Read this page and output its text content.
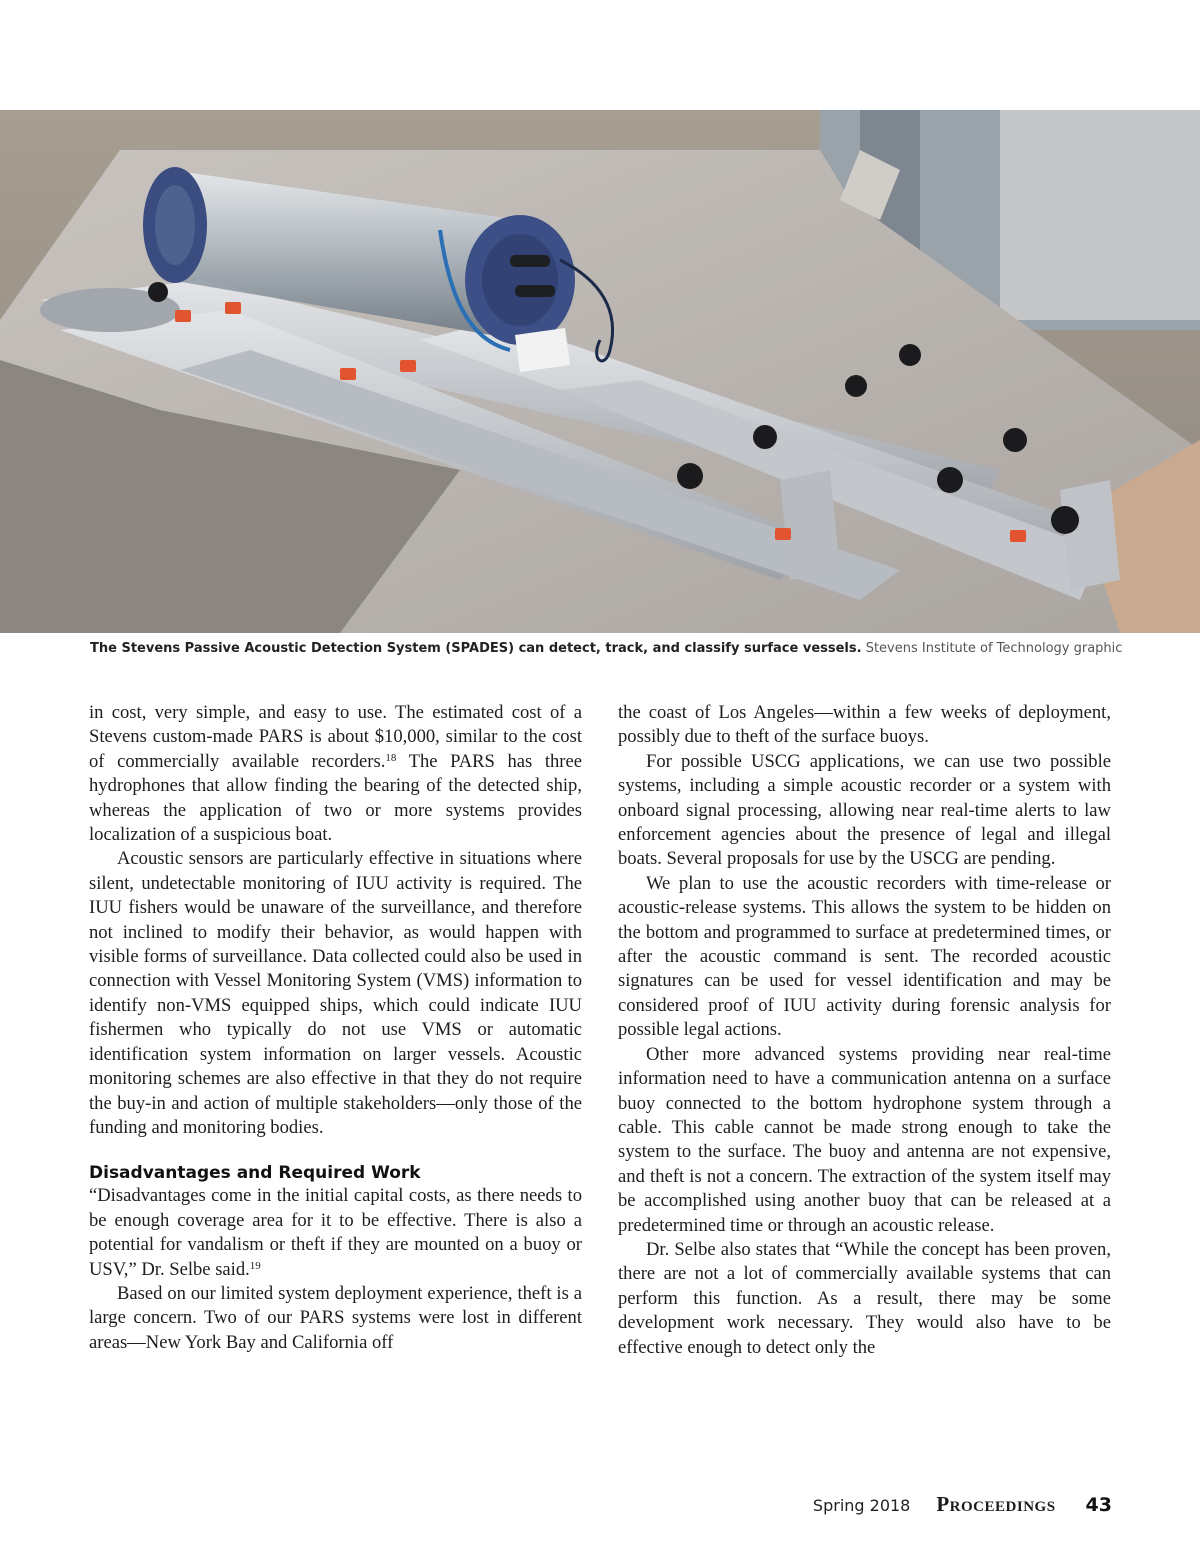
The Stevens Passive Acoustic Detection System (SPADES) can detect, track, and classify surface vessels. Stevens Institute of Technology graphic

in cost, very simple, and easy to use. The estimated cost of a Stevens custom-made PARS is about $10,000, similar to the cost of commercially available recorders.$^{18}$ The PARS has three hydrophones that allow finding the bearing of the detected ship, whereas the application of two or more systems provides localization of a suspicious boat.

Acoustic sensors are particularly effective in situations where silent, undetectable monitoring of IUU activity is required. The IUU fishers would be unaware of the surveillance, and therefore not inclined to modify their behavior, as would happen with visible forms of surveillance. Data collected could also be used in connection with Vessel Monitoring System (VMS) information to identify non-VMS equipped ships, which could indicate IUU fishermen who typically do not use VMS or automatic identification system information on larger vessels. Acoustic monitoring schemes are also effective in that they do not require the buy-in and action of multiple stakeholders—only those of the funding and monitoring bodies.

Disadvantages and Required Work

“Disadvantages come in the initial capital costs, as there needs to be enough coverage area for it to be effective. There is also a potential for vandalism or theft if they are mounted on a buoy or USV,” Dr. Selbe said.$^{19}$

Based on our limited system deployment experience, theft is a large concern. Two of our PARS systems were lost in different areas—New York Bay and California off

the coast of Los Angeles—within a few weeks of deployment, possibly due to theft of the surface buoys.

For possible USCG applications, we can use two possible systems, including a simple acoustic recorder or a system with onboard signal processing, allowing near real-time alerts to law enforcement agencies about the presence of legal and illegal boats. Several proposals for use by the USCG are pending.

We plan to use the acoustic recorders with time-release or acoustic-release systems. This allows the system to be hidden on the bottom and programmed to surface at predetermined times, or after the acoustic command is sent. The recorded acoustic signatures can be used for vessel identification and may be considered proof of IUU activity during forensic analysis for possible legal actions.

Other more advanced systems providing near real-time information need to have a communication antenna on a surface buoy connected to the bottom hydrophone system through a cable. This cable cannot be made strong enough to take the system to the surface. The buoy and antenna are not expensive, and theft is not a concern. The extraction of the system itself may be accomplished using another buoy that can be released at a predetermined time or through an acoustic release.

Dr. Selbe also states that “While the concept has been proven, there are not a lot of commercially available systems that can perform this function. As a result, there may be some development work necessary. They would also have to be effective enough to detect only the

Spring 2018 Proceedings 43
